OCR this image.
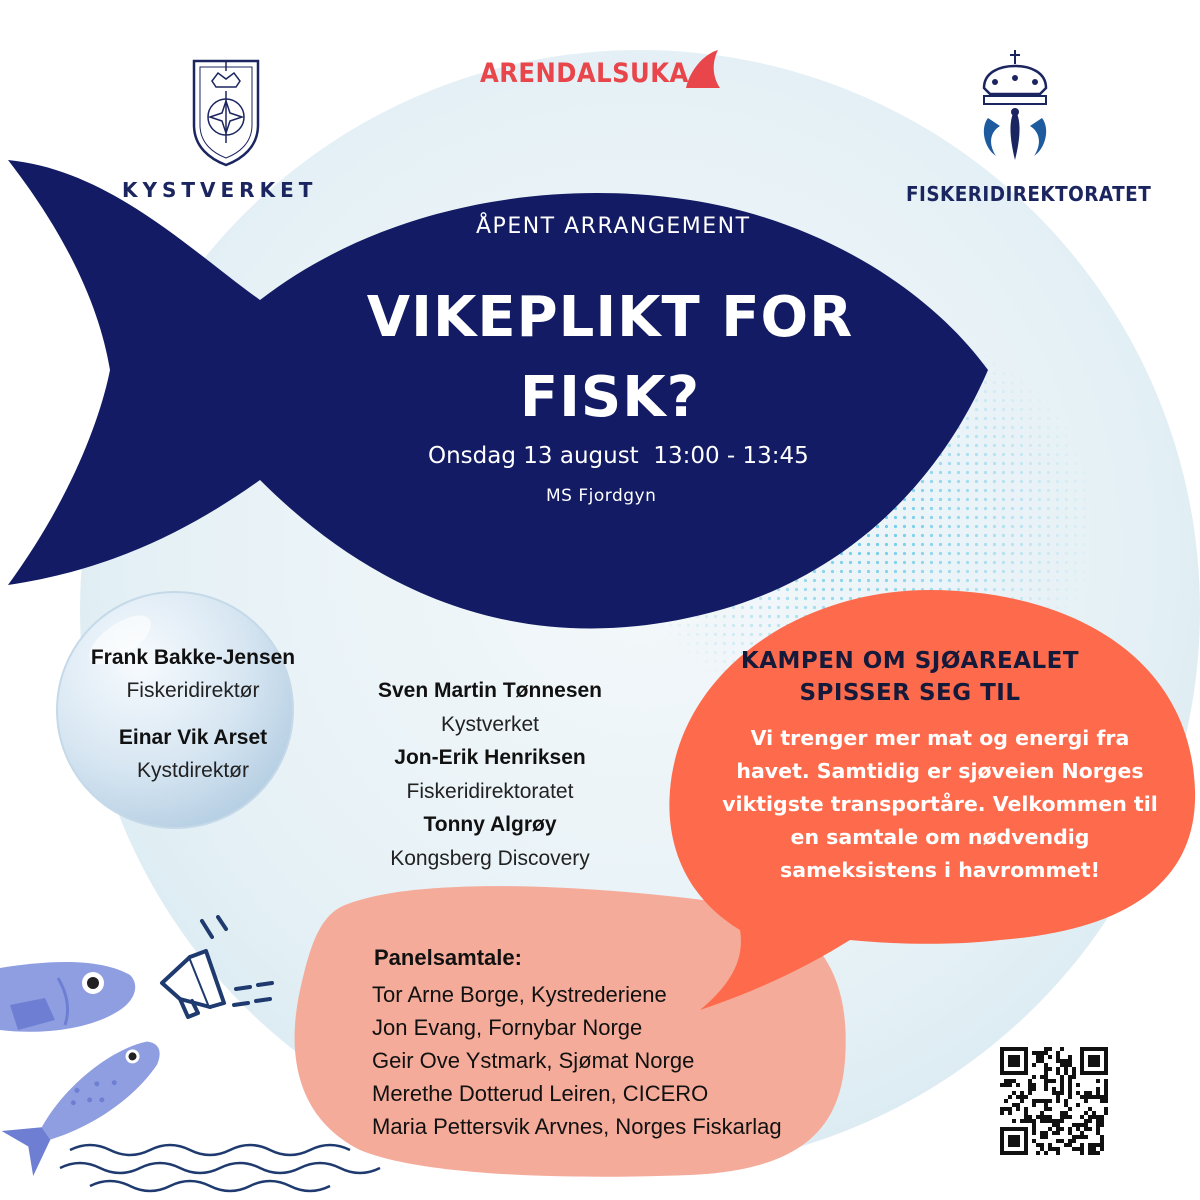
KYSTVERKET
ARENDALSUKA
FISKERIDIREKTORATET
ÅPENT ARRANGEMENT
VIKEPLIKT FOR
FISK?
Onsdag 13 august  13:00 - 13:45
MS Fjordgyn
Frank Bakke-Jensen
Fiskeridirektør
Einar Vik Arset
Kystdirektør
Sven Martin Tønnesen
Kystverket
Jon-Erik Henriksen
Fiskeridirektoratet
Tonny Algrøy
Kongsberg Discovery
KAMPEN OM SJØAREALET
SPISSER SEG TIL
Vi trenger mer mat og energi fra
havet. Samtidig er sjøveien Norges
viktigste transportåre. Velkommen til
en samtale om nødvendig
sameksistens i havrommet!
Panelsamtale:
Tor Arne Borge, Kystrederiene
Jon Evang, Fornybar Norge
Geir Ove Ystmark, Sjømat Norge
Merethe Dotterud Leiren, CICERO
Maria Pettersvik Arvnes, Norges Fiskarlag
